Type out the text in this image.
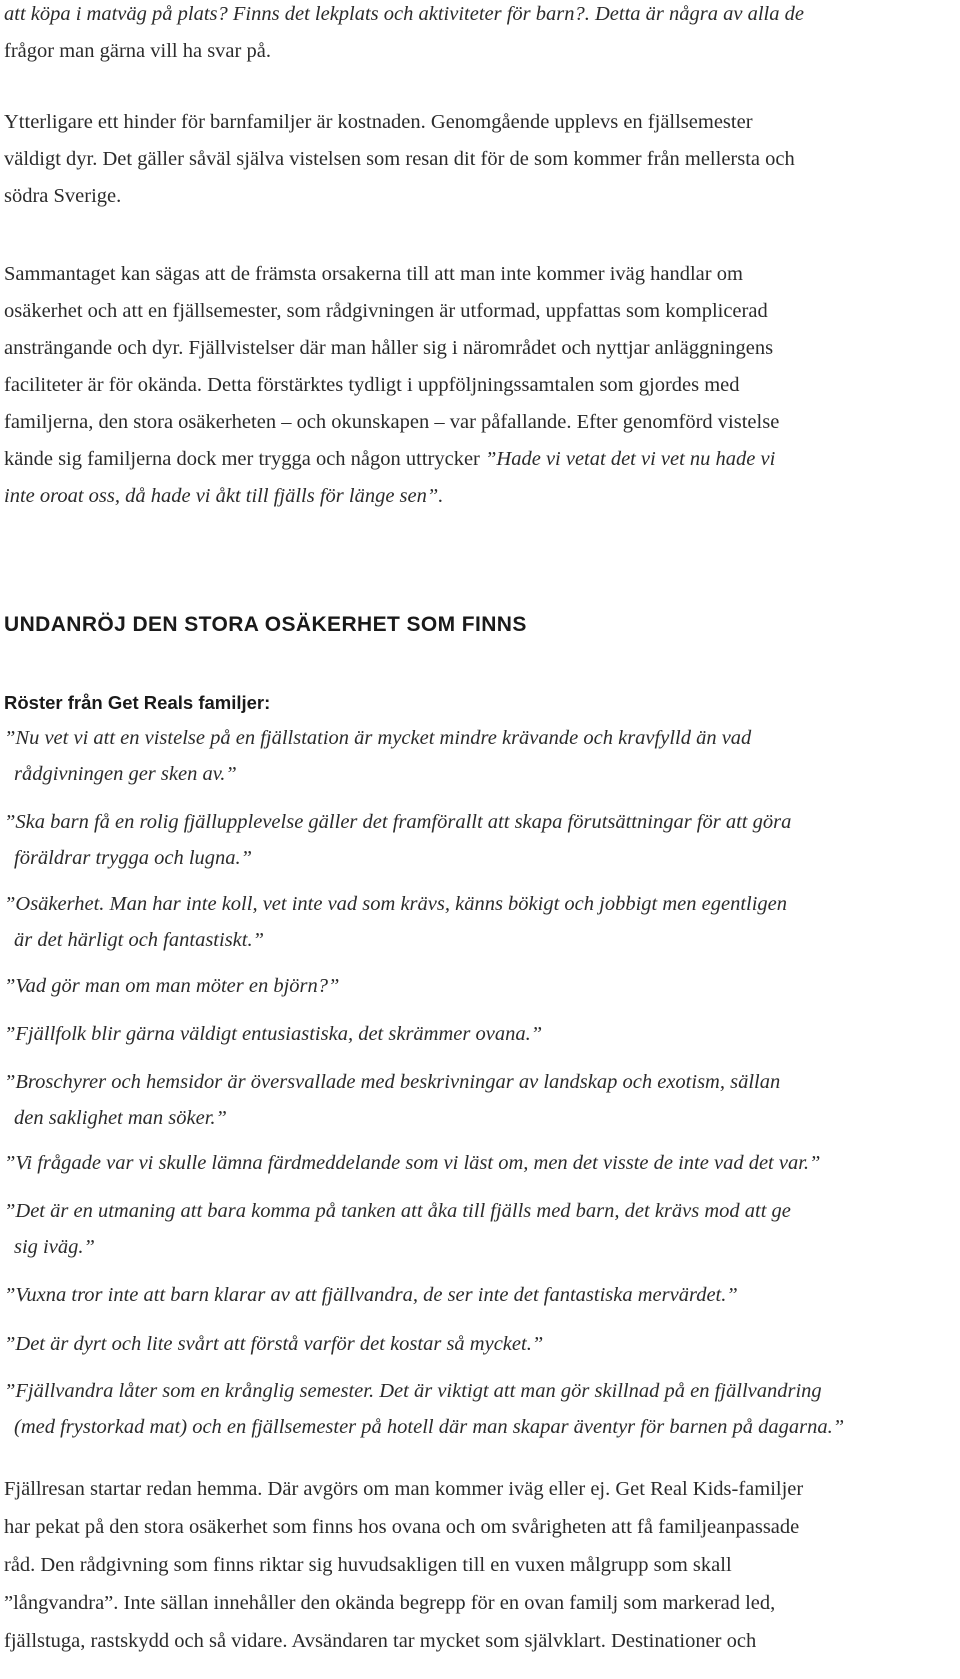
att köpa i matväg på plats? Finns det lekplats och aktiviteter för barn?. Detta är några av alla de
frågor man gärna vill ha svar på.

Ytterligare ett hinder för barnfamiljer är kostnaden. Genomgående upplevs en fjällsemester
väldigt dyr. Det gäller såväl själva vistelsen som resan dit för de som kommer från mellersta och
södra Sverige.

Sammantaget kan sägas att de främsta orsakerna till att man inte kommer iväg handlar om
osäkerhet och att en fjällsemester, som rådgivningen är utformad, uppfattas som komplicerad
ansträngande och dyr. Fjällvistelser där man håller sig i närområdet och nyttjar anläggningens
faciliteter är för okända. Detta förstärktes tydligt i uppföljningssamtalen som gjordes med
familjerna, den stora osäkerheten – och okunskapen – var påfallande. Efter genomförd vistelse
kände sig familjerna dock mer trygga och någon uttrycker ”Hade vi vetat det vi vet nu hade vi
inte oroat oss, då hade vi åkt till fjälls för länge sen”.

UNDANRÖJ DEN STORA OSÄKERHET SOM FINNS
Röster från Get Reals familjer:

”Nu vet vi att en vistelse på en fjällstation är mycket mindre krävande och kravfylld än vad
rådgivningen ger sken av.”

”Ska barn få en rolig fjällupplevelse gäller det framförallt att skapa förutsättningar för att göra
föräldrar trygga och lugna.”

”Osäkerhet. Man har inte koll, vet inte vad som krävs, känns bökigt och jobbigt men egentligen
är det härligt och fantastiskt.”

”Vad gör man om man möter en björn?”

”Fjällfolk blir gärna väldigt entusiastiska, det skrämmer ovana.”

”Broschyrer och hemsidor är översvallade med beskrivningar av landskap och exotism, sällan
den saklighet man söker.”

”Vi frågade var vi skulle lämna färdmeddelande som vi läst om, men det visste de inte vad det var.”

”Det är en utmaning att bara komma på tanken att åka till fjälls med barn, det krävs mod att ge
sig iväg.”

”Vuxna tror inte att barn klarar av att fjällvandra, de ser inte det fantastiska mervärdet.”

”Det är dyrt och lite svårt att förstå varför det kostar så mycket.”

”Fjällvandra låter som en krånglig semester. Det är viktigt att man gör skillnad på en fjällvandring
(med frystorkad mat) och en fjällsemester på hotell där man skapar äventyr för barnen på dagarna.”

Fjällresan startar redan hemma. Där avgörs om man kommer iväg eller ej. Get Real Kids-familjer
har pekat på den stora osäkerhet som finns hos ovana och om svårigheten att få familjeanpassade
råd. Den rådgivning som finns riktar sig huvudsakligen till en vuxen målgrupp som skall
”långvandra”. Inte sällan innehåller den okända begrepp för en ovan familj som markerad led,
fjällstuga, rastskydd och så vidare. Avsändaren tar mycket som självklart. Destinationer och
